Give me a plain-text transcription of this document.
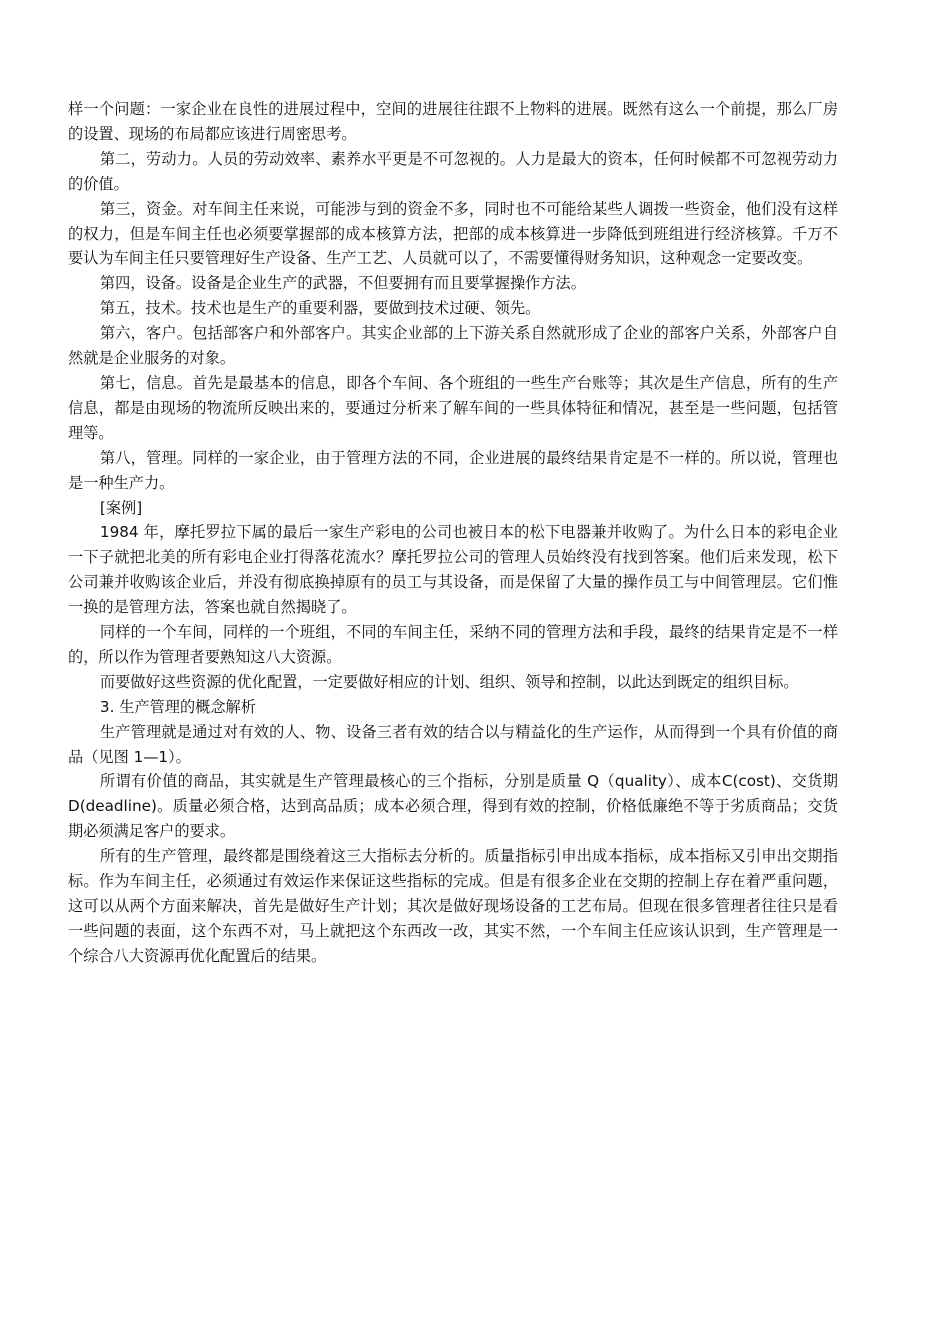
样一个问题：一家企业在良性的进展过程中，空间的进展往往跟不上物料的进展。既然有这么一个前提，那么厂房的设置、现场的布局都应该进行周密思考。

第二，劳动力。人员的劳动效率、素养水平更是不可忽视的。人力是最大的资本，任何时候都不可忽视劳动力的价值。

第三，资金。对车间主任来说，可能涉与到的资金不多，同时也不可能给某些人调拨一些资金，他们没有这样的权力，但是车间主任也必须要掌握部的成本核算方法，把部的成本核算进一步降低到班组进行经济核算。千万不要认为车间主任只要管理好生产设备、生产工艺、人员就可以了，不需要懂得财务知识，这种观念一定要改变。

第四，设备。设备是企业生产的武器，不但要拥有而且要掌握操作方法。

第五，技术。技术也是生产的重要利器，要做到技术过硬、领先。

第六，客户。包括部客户和外部客户。其实企业部的上下游关系自然就形成了企业的部客户关系，外部客户自然就是企业服务的对象。

第七，信息。首先是最基本的信息，即各个车间、各个班组的一些生产台账等；其次是生产信息，所有的生产信息，都是由现场的物流所反映出来的，要通过分析来了解车间的一些具体特征和情况，甚至是一些问题，包括管理等。

第八，管理。同样的一家企业，由于管理方法的不同，企业进展的最终结果肯定是不一样的。所以说，管理也是一种生产力。

[案例]

1984 年，摩托罗拉下属的最后一家生产彩电的公司也被日本的松下电器兼并收购了。为什么日本的彩电企业一下子就把北美的所有彩电企业打得落花流水？摩托罗拉公司的管理人员始终没有找到答案。他们后来发现，松下公司兼并收购该企业后，并没有彻底换掉原有的员工与其设备，而是保留了大量的操作员工与中间管理层。它们惟一换的是管理方法，答案也就自然揭晓了。

同样的一个车间，同样的一个班组，不同的车间主任，采纳不同的管理方法和手段，最终的结果肯定是不一样的，所以作为管理者要熟知这八大资源。

而要做好这些资源的优化配置，一定要做好相应的计划、组织、领导和控制，以此达到既定的组织目标。

3. 生产管理的概念解析

生产管理就是通过对有效的人、物、设备三者有效的结合以与精益化的生产运作，从而得到一个具有价值的商品（见图 1—1）。

所谓有价值的商品，其实就是生产管理最核心的三个指标，分别是质量 Q（quality）、成本C(cost)、交货期 D(deadline)。质量必须合格，达到高品质；成本必须合理，得到有效的控制，价格低廉绝不等于劣质商品；交货期必须满足客户的要求。

所有的生产管理，最终都是围绕着这三大指标去分析的。质量指标引申出成本指标，成本指标又引申出交期指标。作为车间主任，必须通过有效运作来保证这些指标的完成。但是有很多企业在交期的控制上存在着严重问题，这可以从两个方面来解决，首先是做好生产计划；其次是做好现场设备的工艺布局。但现在很多管理者往往只是看一些问题的表面，这个东西不对，马上就把这个东西改一改，其实不然，一个车间主任应该认识到，生产管理是一个综合八大资源再优化配置后的结果。
